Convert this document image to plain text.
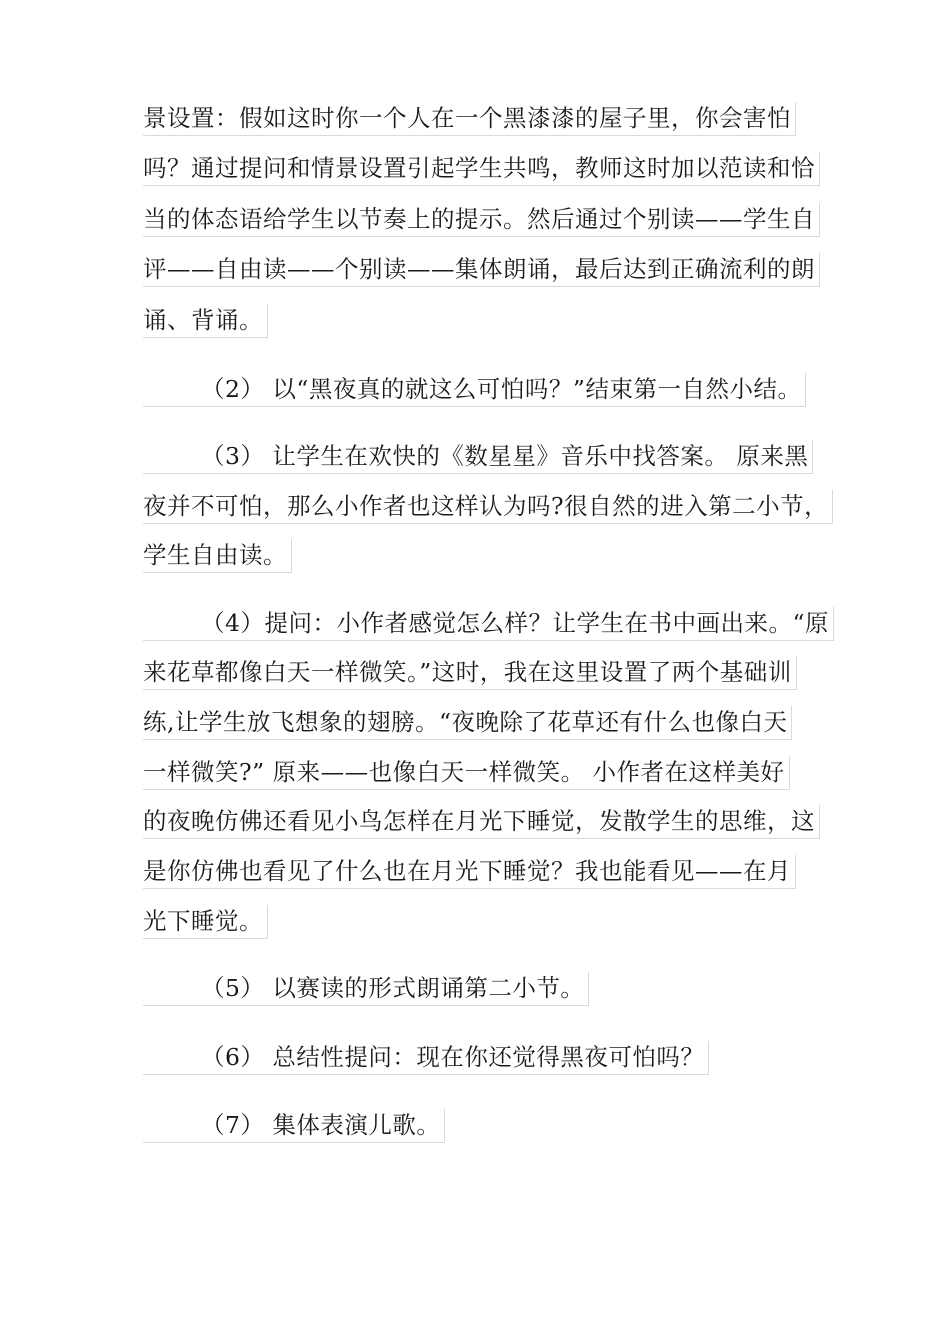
景设置：假如这时你一个人在一个黑漆漆的屋子里，你会害怕
吗？通过提问和情景设置引起学生共鸣，教师这时加以范读和恰
当的体态语给学生以节奏上的提示。然后通过个别读——学生自
评——自由读——个别读——集体朗诵，最后达到正确流利的朗
诵、背诵。
（2） 以“黑夜真的就这么可怕吗？”结束第一自然小结。
（3） 让学生在欢快的《数星星》音乐中找答案。 原来黑
夜并不可怕，那么小作者也这样认为吗?很自然的进入第二小节，
学生自由读。
（4）提问：小作者感觉怎么样？让学生在书中画出来。“原
来花草都像白天一样微笑。”这时，我在这里设置了两个基础训
练,让学生放飞想象的翅膀。“夜晚除了花草还有什么也像白天
一样微笑?” 原来——也像白天一样微笑。 小作者在这样美好
的夜晚仿佛还看见小鸟怎样在月光下睡觉，发散学生的思维，这
是你仿佛也看见了什么也在月光下睡觉？我也能看见——在月
光下睡觉。
（5） 以赛读的形式朗诵第二小节。
（6） 总结性提问：现在你还觉得黑夜可怕吗？
（7） 集体表演儿歌。
